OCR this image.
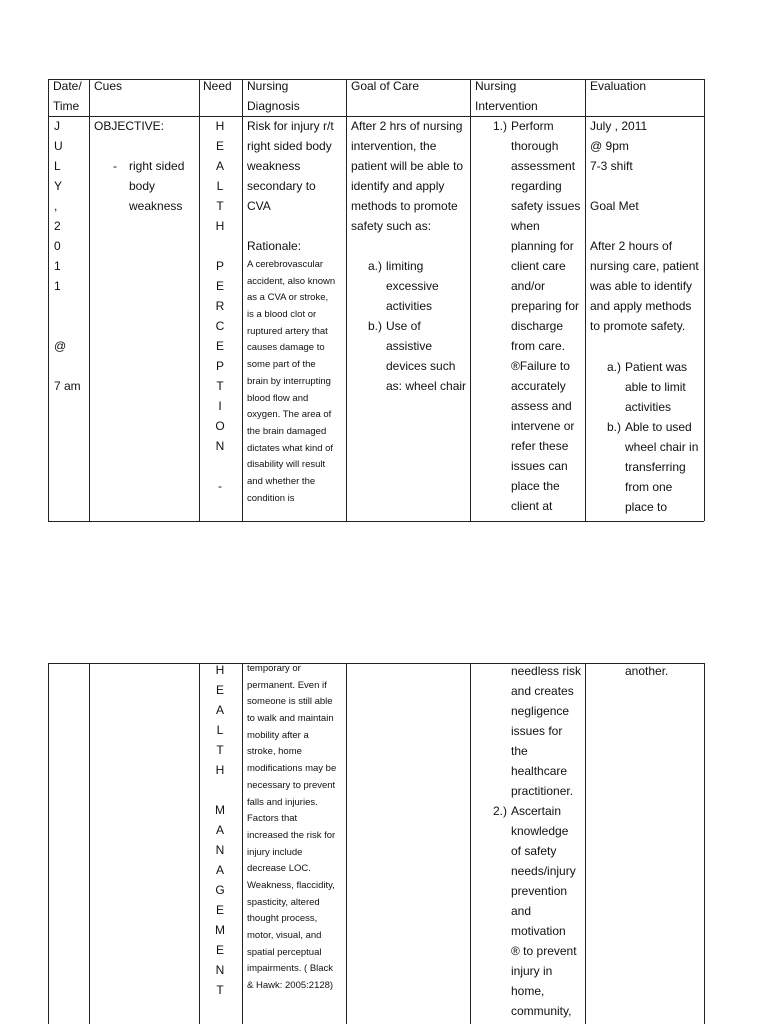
Date/
Time
Cues	Need Nursing
Diagnosis
Goal of Care	Nursing
Intervention
Evaluation
J
U
L
Y
,
2
0
1
1
@
7 am
OBJECTIVE:
- right sided
body
weakness
H
E
A
L
T
H
P
E
R
C
E
P
T
I
O
N
-
Risk for injury r/t
right sided body
weakness
secondary to
CVA
Rationale:
A cerebrovascular
accident, also known
as a CVA or stroke,
is a blood clot or
ruptured artery that
causes damage to
some part of the
brain by interrupting
blood flow and
oxygen. The area of
the brain damaged
dictates what kind of
disability will result
and whether the
condition is
After 2 hrs of nursing
intervention, the
patient will be able to
identify and apply
methods to promote
safety such as:
a.) limiting
excessive
activities
b.) Use of
assistive
devices such
as: wheel chair
1.) Perform
thorough
assessment
regarding
safety issues
when
planning for
client care
and/or
preparing for
discharge
from care.
®Failure to
accurately
assess and
intervene or
refer these
issues can
place the
client at
July , 2011
@ 9pm
7-3 shift
Goal Met
After 2 hours of
nursing care, patient
was able to identify
and apply methods
to promote safety.
a.) Patient was
able to limit
activities
b.) Able to used
wheel chair in
transferring
from one
place to
H
E
A
L
T
H
M
A
N
A
G
E
M
E
N
T
temporary or
permanent. Even if
someone is still able
to walk and maintain
mobility after a
stroke, home
modifications may be
necessary to prevent
falls and injuries.
Factors that
increased the risk for
injury include
decrease LOC.
Weakness, flaccidity,
spasticity, altered
thought process,
motor, visual, and
spatial perceptual
impairments. ( Black
& Hawk: 2005:2128)
needless risk
and creates
negligence
issues for
the
healthcare
practitioner.
2.) Ascertain
knowledge
of safety
needs/injury
prevention
and
motivation
® to prevent
injury in
home,
community,
another.
